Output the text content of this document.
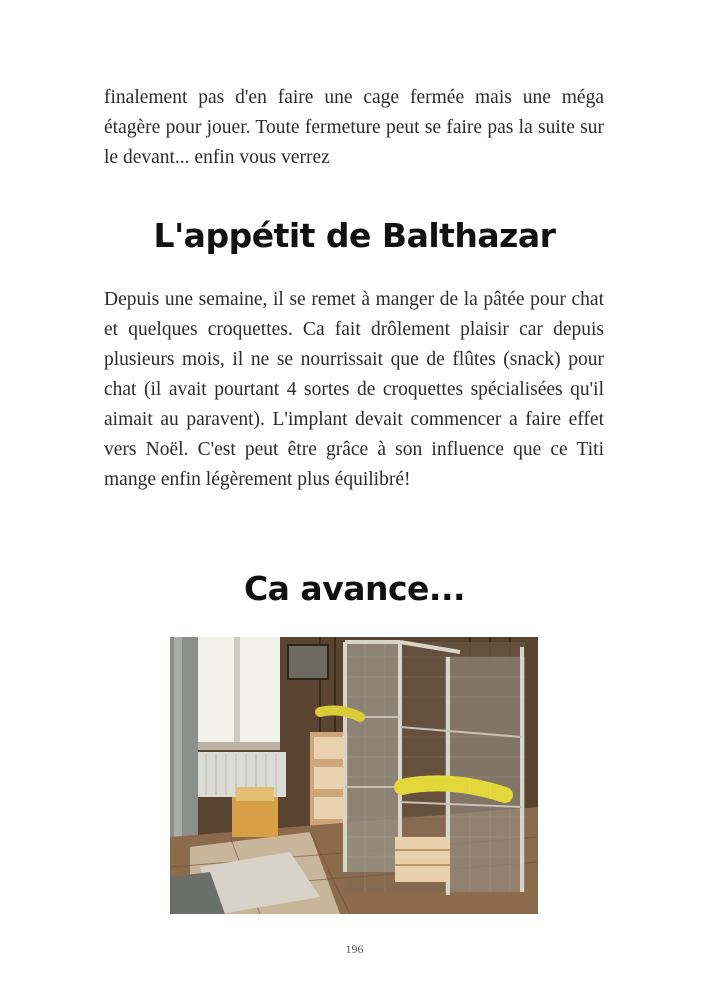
finalement pas d'en faire une cage fermée mais une méga étagère pour jouer. Toute fermeture peut se faire pas la suite sur le devant... enfin vous verrez

L'appétit de Balthazar

Depuis une semaine, il se remet à manger de la pâtée pour chat et quelques croquettes. Ca fait drôlement plaisir car depuis plusieurs mois, il ne se nourrissait que de flûtes (snack) pour chat (il avait pourtant 4 sortes de croquettes spécialisées qu'il aimait au paravent). L'implant devait commencer a faire effet vers Noël. C'est peut être grâce à son influence que ce Titi mange enfin légèrement plus équilibré!

Ca avance...
196
